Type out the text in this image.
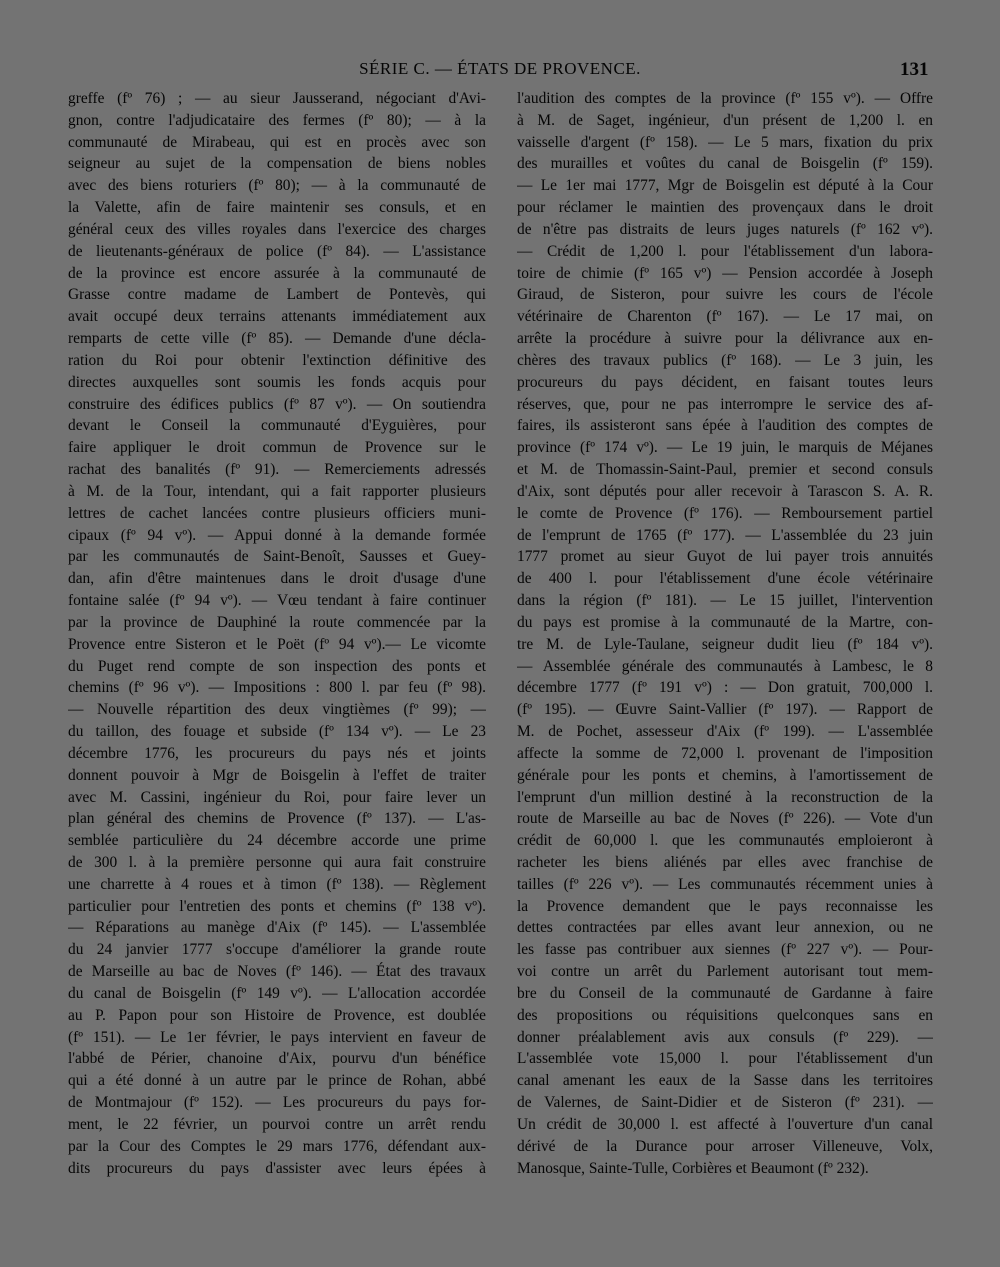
SÉRIE C. — ÉTATS DE PROVENCE.	131
greffe (fº 76) ; — au sieur Jausserand, négociant d'Avi-
gnon, contre l'adjudicataire des fermes (fº 80); — à la
communauté de Mirabeau, qui est en procès avec son
seigneur au sujet de la compensation de biens nobles
avec des biens roturiers (fº 80); — à la communauté de
la Valette, afin de faire maintenir ses consuls, et en
général ceux des villes royales dans l'exercice des charges
de lieutenants-généraux de police (fº 84). — L'assistance
de la province est encore assurée à la communauté de
Grasse contre madame de Lambert de Pontevès, qui
avait occupé deux terrains attenants immédiatement aux
remparts de cette ville (fº 85). — Demande d'une décla-
ration du Roi pour obtenir l'extinction définitive des
directes auxquelles sont soumis les fonds acquis pour
construire des édifices publics (fº 87 vº). — On soutiendra
devant le Conseil la communauté d'Eyguières, pour
faire appliquer le droit commun de Provence sur le
rachat des banalités (fº 91). — Remerciements adressés
à M. de la Tour, intendant, qui a fait rapporter plusieurs
lettres de cachet lancées contre plusieurs officiers muni-
cipaux (fº 94 vº). — Appui donné à la demande formée
par les communautés de Saint-Benoît, Sausses et Gueу-
dan, afin d'être maintenues dans le droit d'usage d'une
fontaine salée (fº 94 vº). — Vœu tendant à faire continuer
par la province de Dauphiné la route commencée par la
Provence entre Sisteron et le Poët (fº 94 vº).— Le vicomte
du Puget rend compte de son inspection des ponts et
chemins (fº 96 vº). — Impositions : 800 l. par feu (fº 98).
— Nouvelle répartition des deux vingtièmes (fº 99); —
du taillon, des fouage et subside (fº 134 vº). — Le 23
décembre 1776, les procureurs du pays nés et joints
donnent pouvoir à Mgr de Boisgelin à l'effet de traiter
avec M. Cassini, ingénieur du Roi, pour faire lever un
plan général des chemins de Provence (fº 137). — L'as-
semblée particulière du 24 décembre accorde une prime
de 300 l. à la première personne qui aura fait construire
une charrette à 4 roues et à timon (fº 138). — Règlement
particulier pour l'entretien des ponts et chemins (fº 138 vº).
— Réparations au manège d'Aix (fº 145). — L'assemblée
du 24 janvier 1777 s'occupe d'améliorer la grande route
de Marseille au bac de Noves (fº 146). — État des travaux
du canal de Boisgelin (fº 149 vº). — L'allocation accordée
au P. Papon pour son Histoire de Provence, est doublée
(fº 151). — Le 1er février, le pays intervient en faveur de
l'abbé de Périer, chanoine d'Aix, pourvu d'un bénéfice
qui a été donné à un autre par le prince de Rohan, abbé
de Montmajour (fº 152). — Les procureurs du pays for-
ment, le 22 février, un pourvoi contre un arrêt rendu
par la Cour des Comptes le 29 mars 1776, défendant aux-
dits procureurs du pays d'assister avec leurs épées à
l'audition des comptes de la province (fº 155 vº). — Offre
à M. de Saget, ingénieur, d'un présent de 1,200 l. en
vaisselle d'argent (fº 158). — Le 5 mars, fixation du prix
des murailles et voûtes du canal de Boisgelin (fº 159).
— Le 1er mai 1777, Mgr de Boisgelin est député à la Cour
pour réclamer le maintien des provençaux dans le droit
de n'être pas distraits de leurs juges naturels (fº 162 vº).
— Crédit de 1,200 l. pour l'établissement d'un labora-
toire de chimie (fº 165 vº) — Pension accordée à Joseph
Giraud, de Sisteron, pour suivre les cours de l'école
vétérinaire de Charenton (fº 167). — Le 17 mai, on
arrête la procédure à suivre pour la délivrance aux en-
chères des travaux publics (fº 168). — Le 3 juin, les
procureurs du pays décident, en faisant toutes leurs
réserves, que, pour ne pas interrompre le service des af-
faires, ils assisteront sans épée à l'audition des comptes de
province (fº 174 vº). — Le 19 juin, le marquis de Méjanes
et M. de Thomassin-Saint-Paul, premier et second consuls
d'Aix, sont députés pour aller recevoir à Tarascon S. A. R.
le comte de Provence (fº 176). — Remboursement partiel
de l'emprunt de 1765 (fº 177). — L'assemblée du 23 juin
1777 promet au sieur Guyot de lui payer trois annuités
de 400 l. pour l'établissement d'une école vétérinaire
dans la région (fº 181). — Le 15 juillet, l'intervention
du pays est promise à la communauté de la Martre, con-
tre M. de Lyle-Taulane, seigneur dudit lieu (fº 184 vº).
— Assemblée générale des communautés à Lambesc, le 8
décembre 1777 (fº 191 vº) : — Don gratuit, 700,000 l.
(fº 195). — Œuvre Saint-Vallier (fº 197). — Rapport de
M. de Pochet, assesseur d'Aix (fº 199). — L'assemblée
affecte la somme de 72,000 l. provenant de l'imposition
générale pour les ponts et chemins, à l'amortissement de
l'emprunt d'un million destiné à la reconstruction de la
route de Marseille au bac de Noves (fº 226). — Vote d'un
crédit de 60,000 l. que les communautés emploieront à
racheter les biens aliénés par elles avec franchise de
tailles (fº 226 vº). — Les communautés récemment unies à
la Provence demandent que le pays reconnaisse les
dettes contractées par elles avant leur annexion, ou ne
les fasse pas contribuer aux siennes (fº 227 vº). — Pour-
voi contre un arrêt du Parlement autorisant tout mem-
bre du Conseil de la communauté de Gardanne à faire
des propositions ou réquisitions quelconques sans en
donner préalablement avis aux consuls (fº 229). —
L'assemblée vote 15,000 l. pour l'établissement d'un
canal amenant les eaux de la Sasse dans les territoires
de Valernes, de Saint-Didier et de Sisteron (fº 231). —
Un crédit de 30,000 l. est affecté à l'ouverture d'un canal
dérivé de la Durance pour arroser Villeneuve, Volx,
Manosque, Sainte-Tulle, Corbières et Beaumont (fº 232).
